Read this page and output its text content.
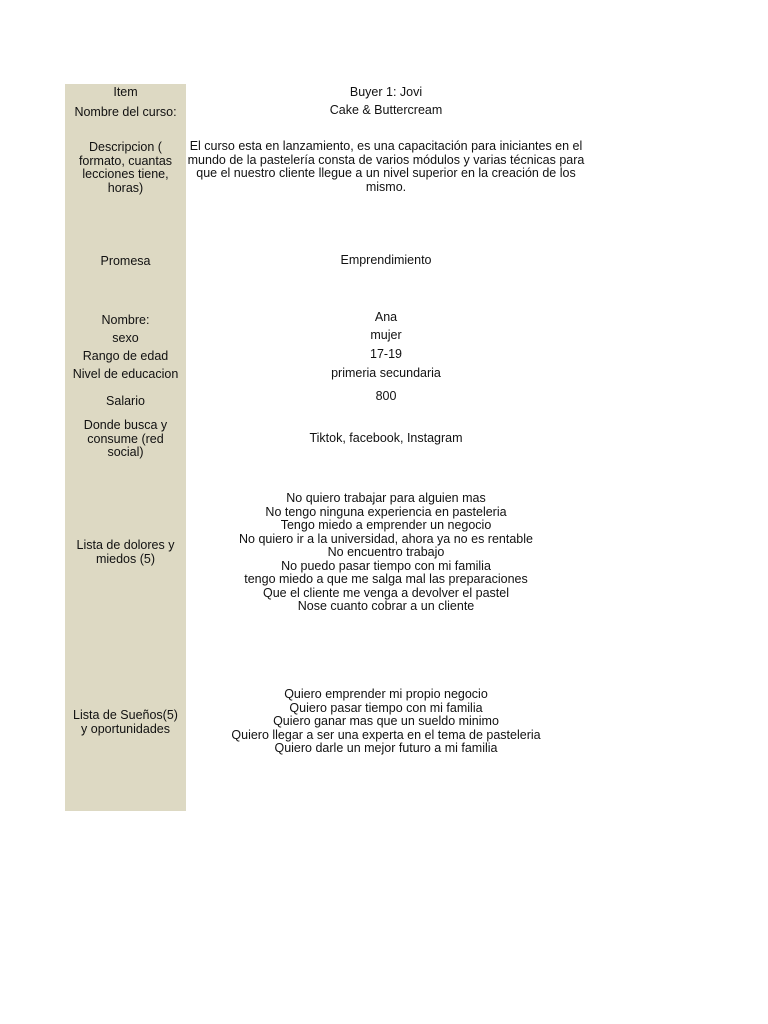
Item
Nombre del curso:
Descripcion ( formato, cuantas lecciones tiene, horas)
Promesa
Nombre:
sexo
Rango de edad
Nivel de educacion
Salario
Donde busca y consume (red social)
Lista de dolores y miedos (5)
Lista de Sueños(5) y oportunidades
Buyer 1: Jovi
Cake & Buttercream
El curso esta en lanzamiento, es una capacitación para iniciantes en el mundo de la pastelería consta de varios módulos y varias técnicas para que el nuestro cliente llegue a un nivel superior en la creación de los mismo.
Emprendimiento
Ana
mujer
17-19
primeria secundaria
800
Tiktok, facebook, Instagram
No quiero trabajar para alguien mas
No tengo ninguna experiencia en pasteleria
Tengo miedo a emprender un negocio
No quiero ir a la universidad, ahora ya no es rentable
No encuentro trabajo
No puedo pasar tiempo con mi familia
tengo miedo a que me salga mal las preparaciones
Que el cliente me venga a devolver el pastel
Nose cuanto cobrar a un cliente
Quiero emprender mi propio negocio
Quiero pasar tiempo con mi familia
Quiero ganar mas que un sueldo minimo
Quiero llegar a ser una experta en el tema de pasteleria
Quiero darle un mejor futuro a mi familia
